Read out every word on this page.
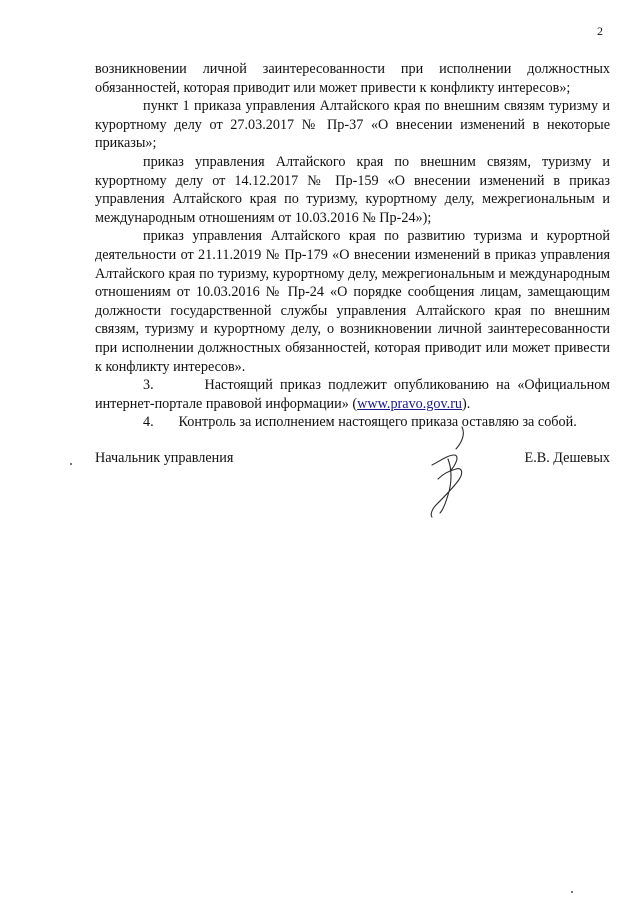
2

возникновении личной заинтересованности при исполнении должностных обязанностей, которая приводит или может привести к конфликту интересов»;

пункт 1 приказа управления Алтайского края по внешним связям туризму и курортному делу от 27.03.2017 № Пр-37 «О внесении изменений в некоторые приказы»;

приказ управления Алтайского края по внешним связям, туризму и курортному делу от 14.12.2017 № Пр-159 «О внесении изменений в приказ управления Алтайского края по туризму, курортному делу, межрегиональным и международным отношениям от 10.03.2016 № Пр-24»);

приказ управления Алтайского края по развитию туризма и курортной деятельности от 21.11.2019 № Пр-179 «О внесении изменений в приказ управления Алтайского края по туризму, курортному делу, межрегиональным и международным отношениям от 10.03.2016 № Пр-24 «О порядке сообщения лицам, замещающим должности государственной службы управления Алтайского края по внешним связям, туризму и курортному делу, о возникновении личной заинтересованности при исполнении должностных обязанностей, которая приводит или может привести к конфликту интересов».

3.	Настоящий приказ подлежит опубликованию на «Официальном интернет-портале правовой информации» (www.pravo.gov.ru).

4. Контроль за исполнением настоящего приказа оставляю за собой.

Начальник управления	Е.В. Дешевых
